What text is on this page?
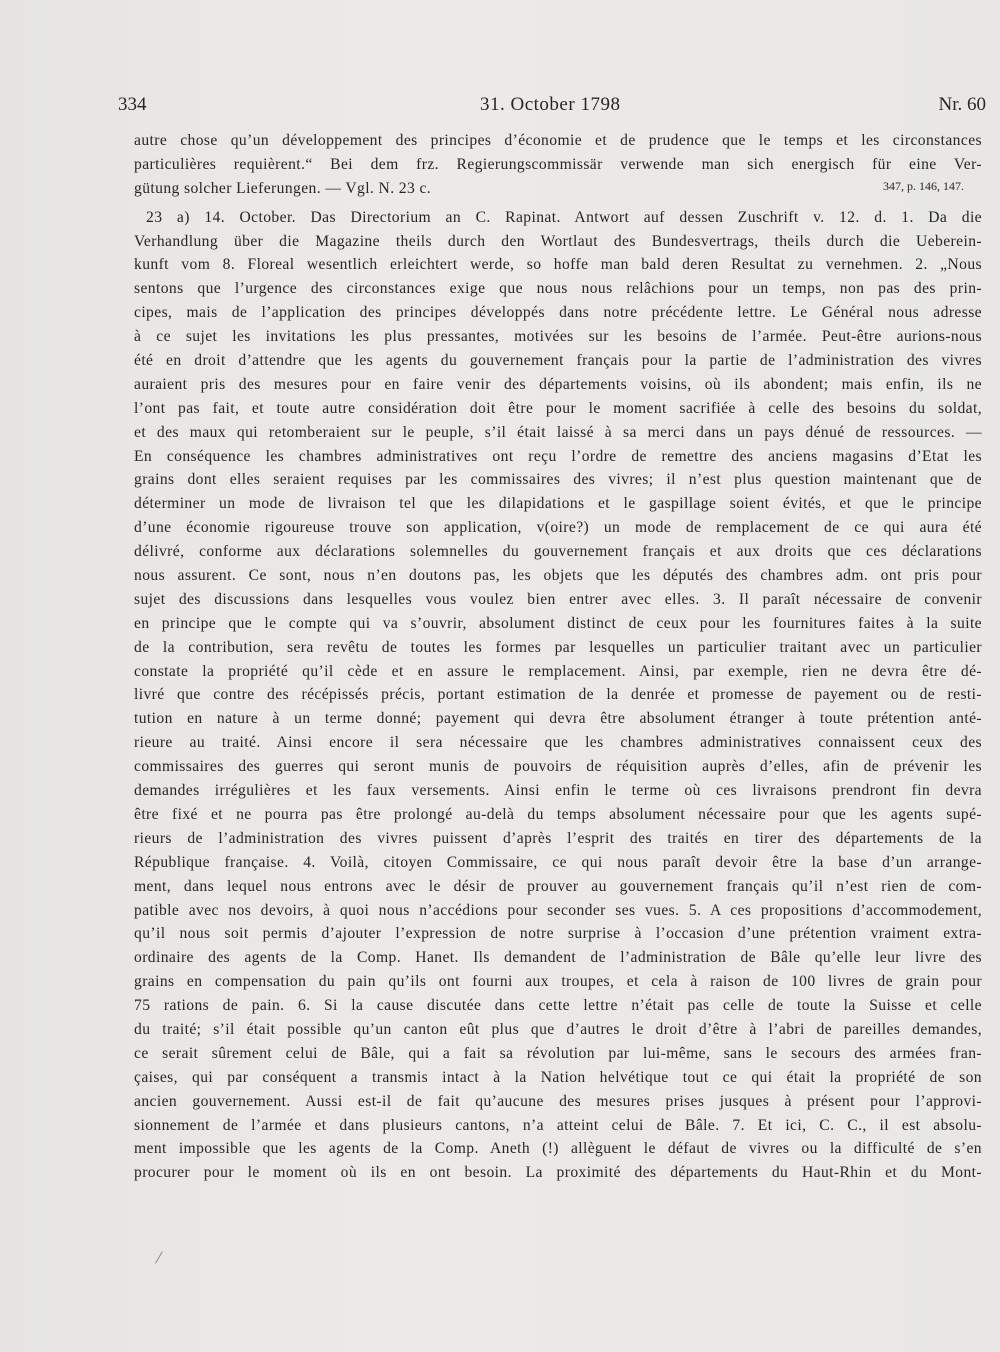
334	31. October 1798	Nr. 60
autre chose qu’un développement des principes d’économie et de prudence que le temps et les circonstances
particulières requièrent.“ Bei dem frz. Regierungscommissär verwende man sich energisch für eine Ver-
gütung solcher Lieferungen. — Vgl. N. 23 c.	347, p. 146, 147.
23 a) 14. October. Das Directorium an C. Rapinat. Antwort auf dessen Zuschrift v. 12. d. 1. Da die
Verhandlung über die Magazine theils durch den Wortlaut des Bundesvertrags, theils durch die Ueberein-
kunft vom 8. Floreal wesentlich erleichtert werde, so hoffe man bald deren Resultat zu vernehmen. 2. „Nous
sentons que l’urgence des circonstances exige que nous nous relâchions pour un temps, non pas des prin-
cipes, mais de l’application des principes développés dans notre précédente lettre. Le Général nous adresse
à ce sujet les invitations les plus pressantes, motivées sur les besoins de l’armée. Peut-être aurions-nous
été en droit d’attendre que les agents du gouvernement français pour la partie de l’administration des vivres
auraient pris des mesures pour en faire venir des départements voisins, où ils abondent; mais enfin, ils ne
l’ont pas fait, et toute autre considération doit être pour le moment sacrifiée à celle des besoins du soldat,
et des maux qui retomberaient sur le peuple, s’il était laissé à sa merci dans un pays dénué de ressources. —
En conséquence les chambres administratives ont reçu l’ordre de remettre des anciens magasins d’Etat les
grains dont elles seraient requises par les commissaires des vivres; il n’est plus question maintenant que de
déterminer un mode de livraison tel que les dilapidations et le gaspillage soient évités, et que le principe
d’une économie rigoureuse trouve son application, v(oire?) un mode de remplacement de ce qui aura été
délivré, conforme aux déclarations solemnelles du gouvernement français et aux droits que ces déclarations
nous assurent. Ce sont, nous n’en doutons pas, les objets que les députés des chambres adm. ont pris pour
sujet des discussions dans lesquelles vous voulez bien entrer avec elles. 3. Il paraît nécessaire de convenir
en principe que le compte qui va s’ouvrir, absolument distinct de ceux pour les fournitures faites à la suite
de la contribution, sera revêtu de toutes les formes par lesquelles un particulier traitant avec un particulier
constate la propriété qu’il cède et en assure le remplacement. Ainsi, par exemple, rien ne devra être dé-
livré que contre des récépissés précis, portant estimation de la denrée et promesse de payement ou de resti-
tution en nature à un terme donné; payement qui devra être absolument étranger à toute prétention anté-
rieure au traité. Ainsi encore il sera nécessaire que les chambres administratives connaissent ceux des
commissaires des guerres qui seront munis de pouvoirs de réquisition auprès d’elles, afin de prévenir les
demandes irrégulières et les faux versements. Ainsi enfin le terme où ces livraisons prendront fin devra
être fixé et ne pourra pas être prolongé au-delà du temps absolument nécessaire pour que les agents supé-
rieurs de l’administration des vivres puissent d’après l’esprit des traités en tirer des départements de la
République française. 4. Voilà, citoyen Commissaire, ce qui nous paraît devoir être la base d’un arrange-
ment, dans lequel nous entrons avec le désir de prouver au gouvernement français qu’il n’est rien de com-
patible avec nos devoirs, à quoi nous n’accédions pour seconder ses vues. 5. A ces propositions d’accommodement,
qu’il nous soit permis d’ajouter l’expression de notre surprise à l’occasion d’une prétention vraiment extra-
ordinaire des agents de la Comp. Hanet. Ils demandent de l’administration de Bâle qu’elle leur livre des
grains en compensation du pain qu’ils ont fourni aux troupes, et cela à raison de 100 livres de grain pour
75 rations de pain. 6. Si la cause discutée dans cette lettre n’était pas celle de toute la Suisse et celle
du traité; s’il était possible qu’un canton eût plus que d’autres le droit d’être à l’abri de pareilles demandes,
ce serait sûrement celui de Bâle, qui a fait sa révolution par lui-même, sans le secours des armées fran-
çaises, qui par conséquent a transmis intact à la Nation helvétique tout ce qui était la propriété de son
ancien gouvernement. Aussi est-il de fait qu’aucune des mesures prises jusques à présent pour l’approvi-
sionnement de l’armée et dans plusieurs cantons, n’a atteint celui de Bâle. 7. Et ici, C. C., il est absolu-
ment impossible que les agents de la Comp. Aneth (!) allèguent le défaut de vivres ou la difficulté de s’en
procurer pour le moment où ils en ont besoin. La proximité des départements du Haut-Rhin et du Mont-
